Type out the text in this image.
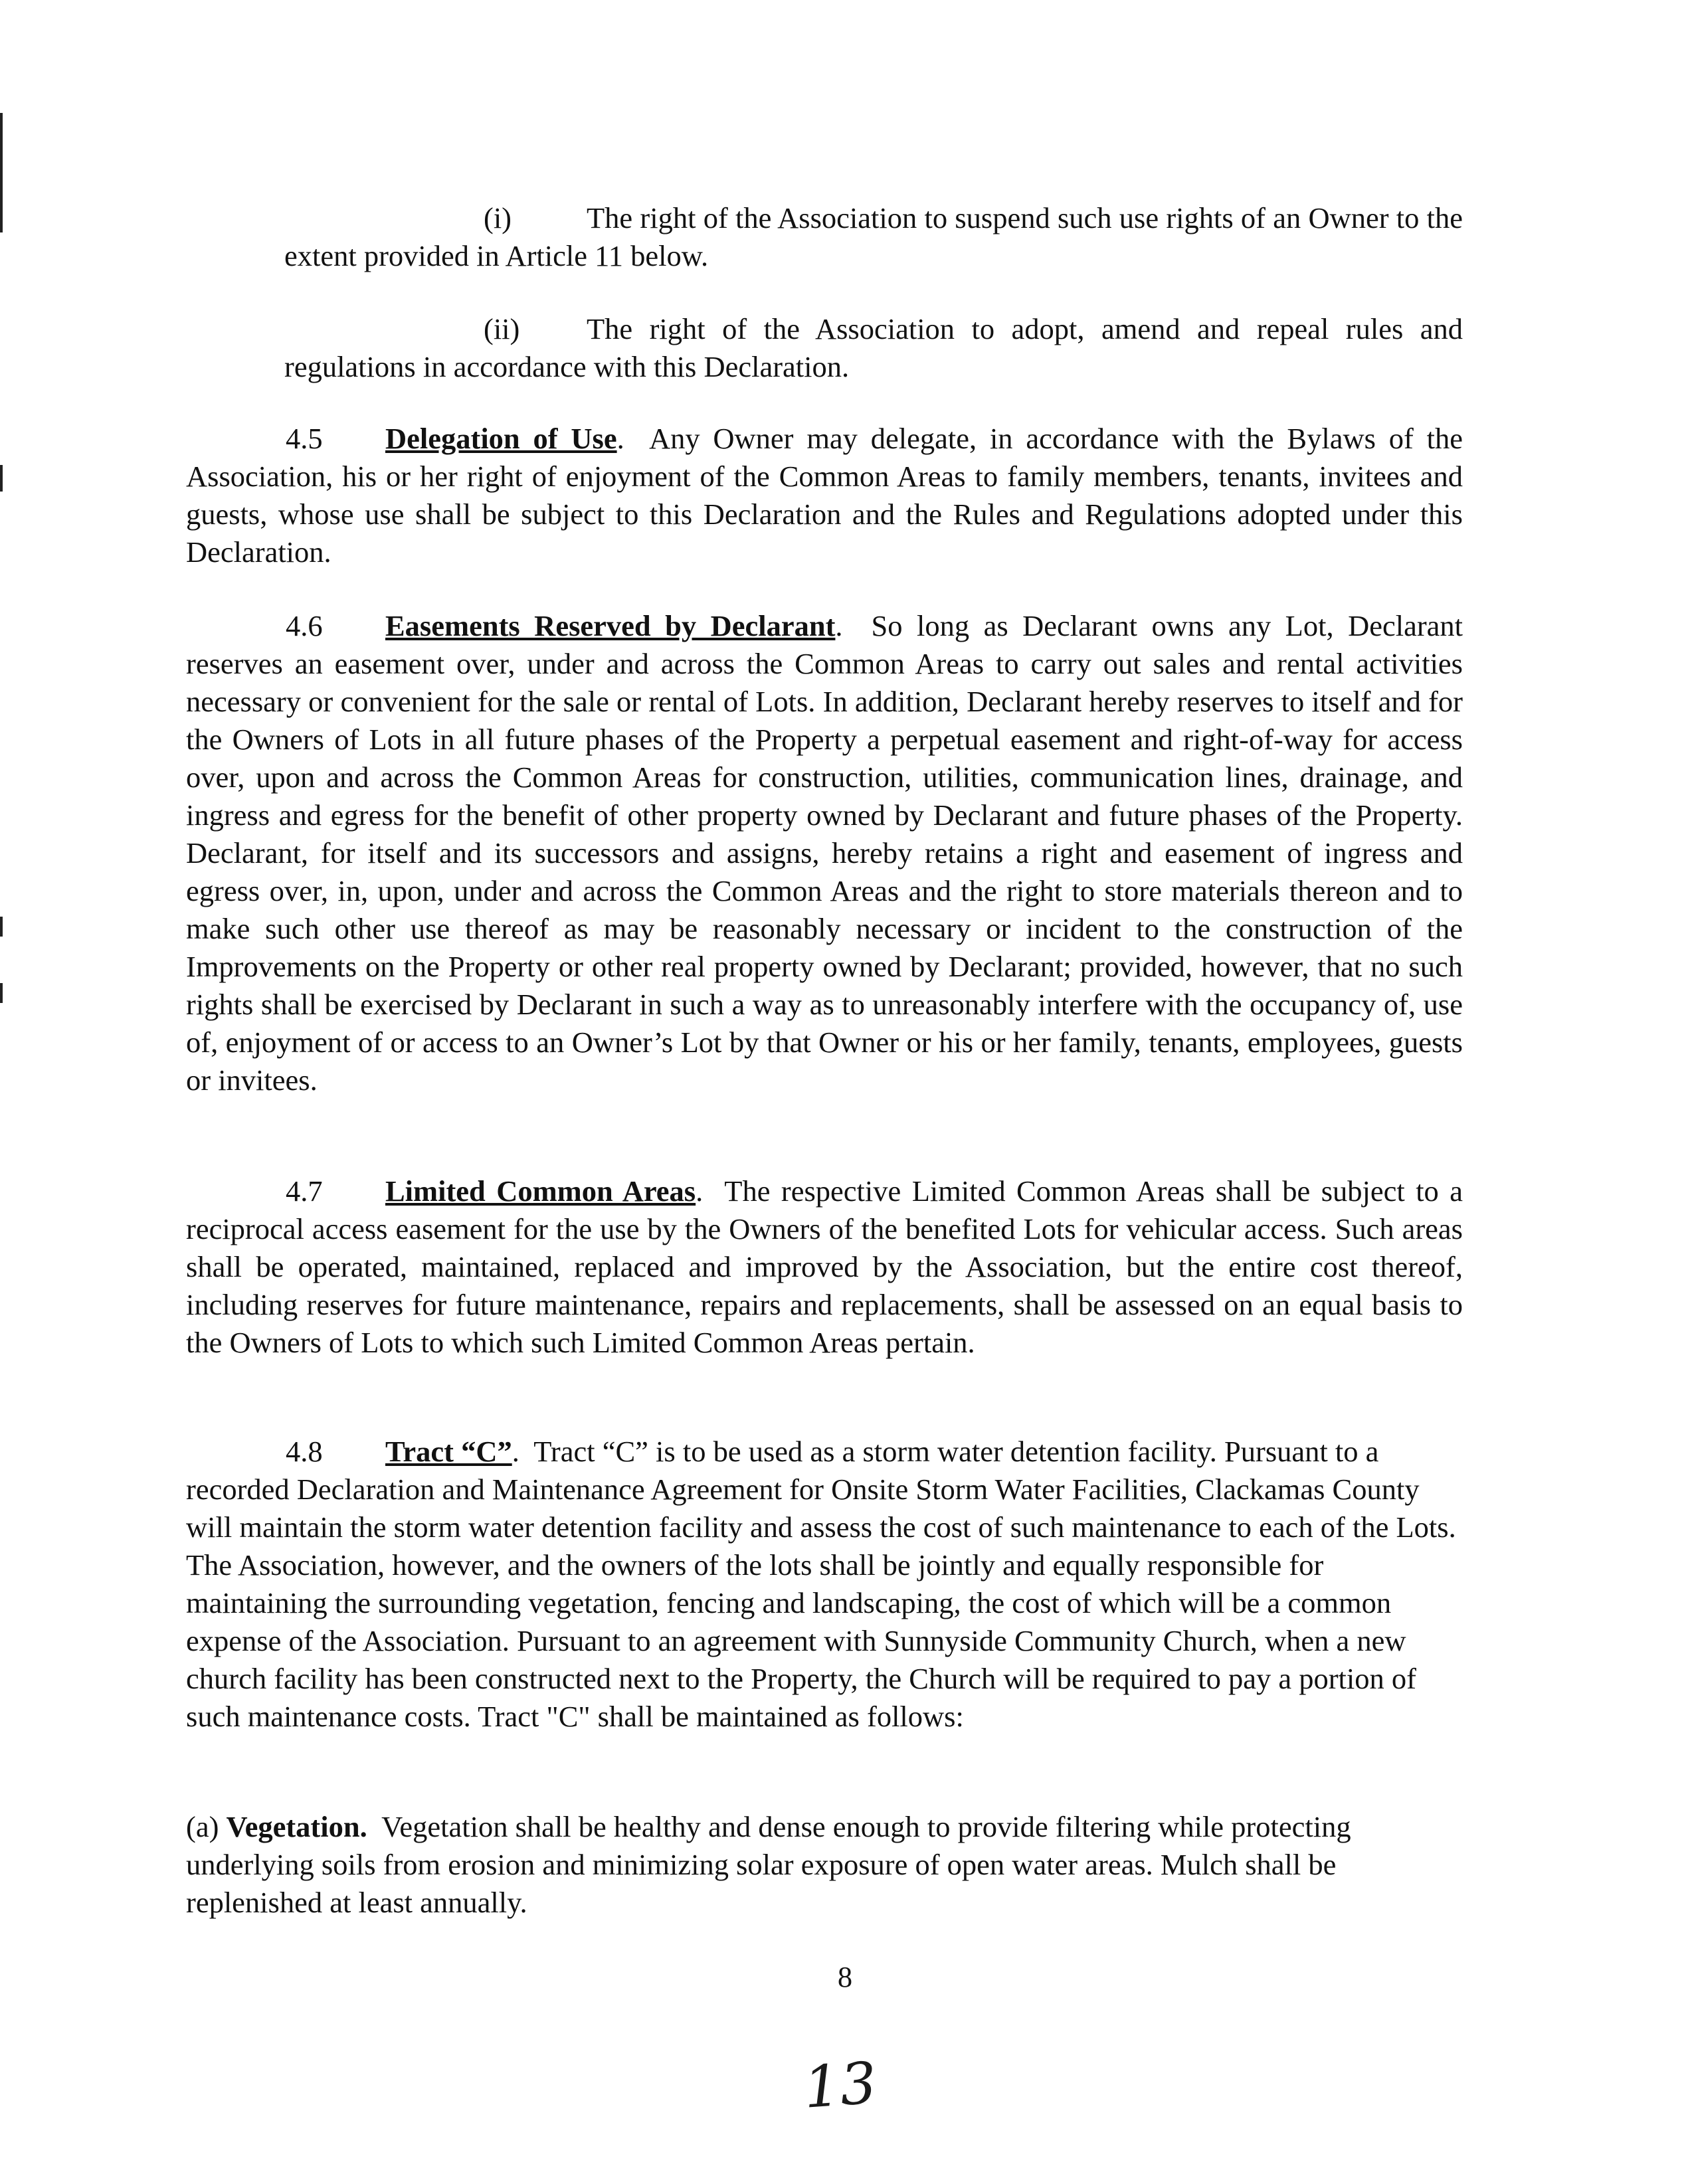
(i)	The right of the Association to suspend such use rights of an Owner to the extent provided in Article 11 below.

(ii) The right of the Association to adopt, amend and repeal rules and regulations in accordance with this Declaration.

4.5 Delegation of Use.  Any Owner may delegate, in accordance with the Bylaws of the Association, his or her right of enjoyment of the Common Areas to family members, tenants, invitees and guests, whose use shall be subject to this Declaration and the Rules and Regulations adopted under this Declaration.

4.6 Easements Reserved by Declarant.  So long as Declarant owns any Lot, Declarant reserves an easement over, under and across the Common Areas to carry out sales and rental activities necessary or convenient for the sale or rental of Lots. In addition, Declarant hereby reserves to itself and for the Owners of Lots in all future phases of the Property a perpetual easement and right-of-way for access over, upon and across the Common Areas for construction, utilities, communication lines, drainage, and ingress and egress for the benefit of other property owned by Declarant and future phases of the Property. Declarant, for itself and its successors and assigns, hereby retains a right and easement of ingress and egress over, in, upon, under and across the Common Areas and the right to store materials thereon and to make such other use thereof as may be reasonably necessary or incident to the construction of the Improvements on the Property or other real property owned by Declarant; provided, however, that no such rights shall be exercised by Declarant in such a way as to unreasonably interfere with the occupancy of, use of, enjoyment of or access to an Owner’s Lot by that Owner or his or her family, tenants, employees, guests or invitees.

4.7 Limited Common Areas.  The respective Limited Common Areas shall be subject to a reciprocal access easement for the use by the Owners of the benefited Lots for vehicular access. Such areas shall be operated, maintained, replaced and improved by the Association, but the entire cost thereof, including reserves for future maintenance, repairs and replacements, shall be assessed on an equal basis to the Owners of Lots to which such Limited Common Areas pertain.

4.8 Tract “C”.  Tract “C” is to be used as a storm water detention facility. Pursuant to a recorded Declaration and Maintenance Agreement for Onsite Storm Water Facilities, Clackamas County will maintain the storm water detention facility and assess the cost of such maintenance to each of the Lots. The Association, however, and the owners of the lots shall be jointly and equally responsible for maintaining the surrounding vegetation, fencing and landscaping, the cost of which will be a common expense of the Association. Pursuant to an agreement with Sunnyside Community Church, when a new church facility has been constructed next to the Property, the Church will be required to pay a portion of such maintenance costs. Tract "C" shall be maintained as follows:

(a) Vegetation. Vegetation shall be healthy and dense enough to provide filtering while protecting underlying soils from erosion and minimizing solar exposure of open water areas. Mulch shall be replenished at least annually.

8
13
